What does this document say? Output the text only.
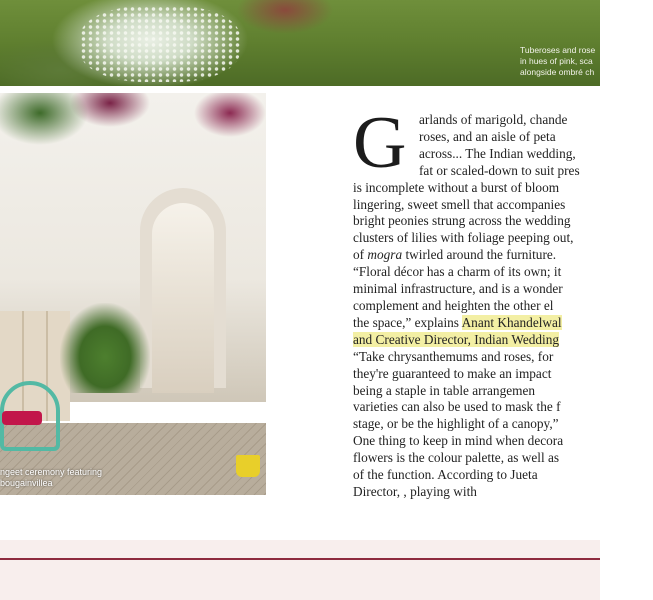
Tuberoses and rose
in hues of pink, sca
alongside ombré ch
ngeet ceremony featuring
bougainvillea
G arlands of marigold, chande
roses, and an aisle of peta
across... The Indian wedding,
fat or scaled-down to suit pres
is incomplete without a burst of bloom
lingering, sweet smell that accompanies
bright peonies strung across the wedding
clusters of lilies with foliage peeping out,
of mogra twirled around the furniture.

“Floral décor has a charm of its own; it
minimal infrastructure, and is a wonder
complement and heighten the other el
the space,” explains Anant Khandelwal
and Creative Director, Indian Wedding

“Take chrysanthemums and roses, for
they're guaranteed to make an impact
being a staple in table arrangemen
varieties can also be used to mask the f
stage, or be the highlight of a canopy,”
One thing to keep in mind when decora
flowers is the colour palette, as well as
of the function. According to Jueta
Director, , playing with
